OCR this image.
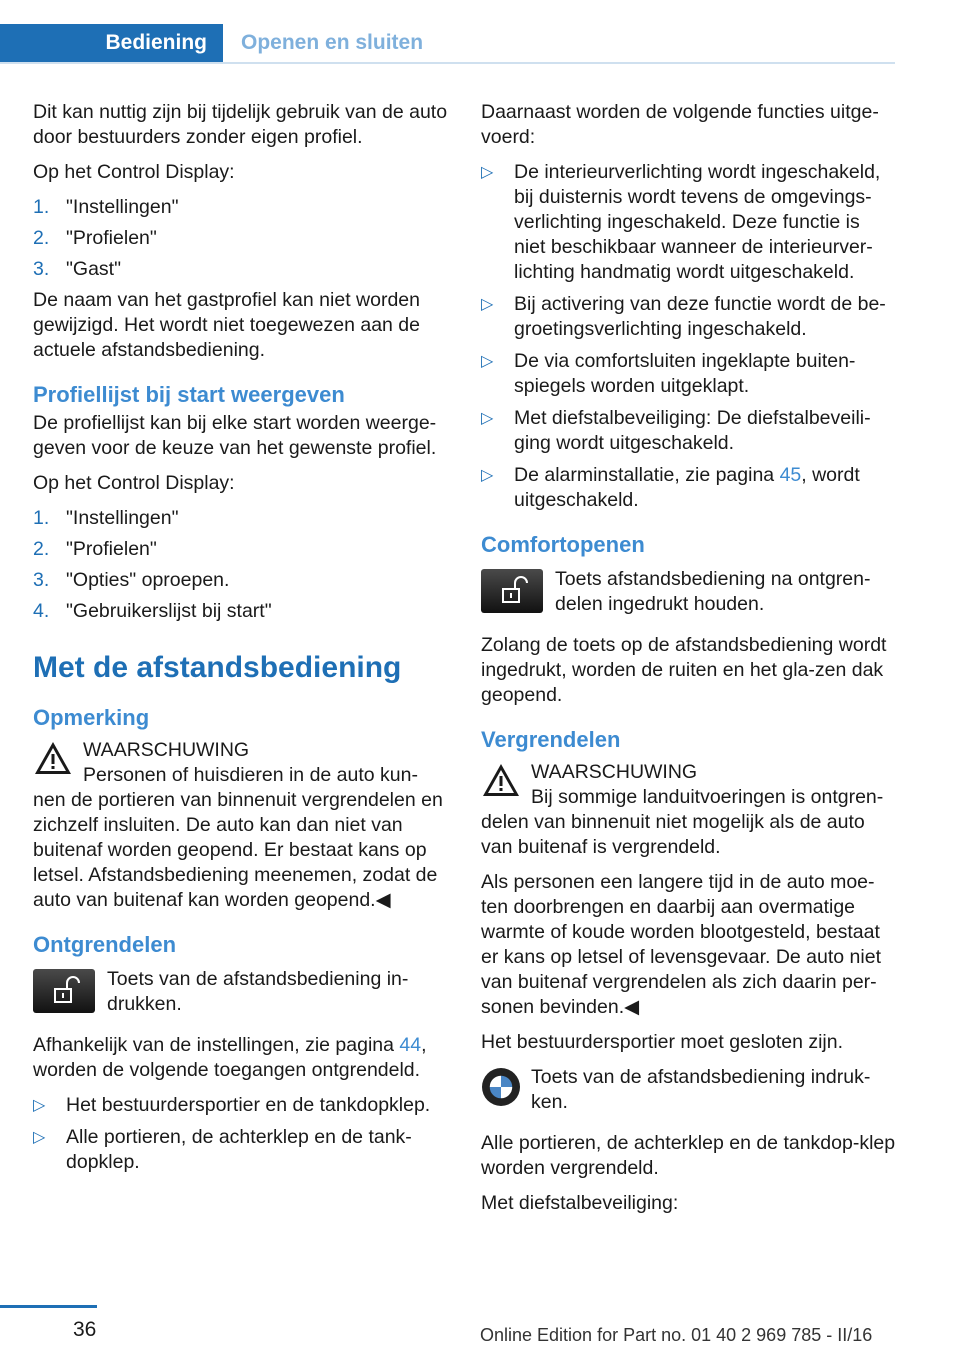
Bediening	Openen en sluiten

Dit kan nuttig zijn bij tijdelijk gebruik van de auto door bestuurders zonder eigen profiel.

Op het Control Display:

1. "Instellingen"
2. "Profielen"
3. "Gast"

De naam van het gastprofiel kan niet worden gewijzigd. Het wordt niet toegewezen aan de actuele afstandsbediening.

Profiellijst bij start weergeven

De profiellijst kan bij elke start worden weerge‐geven voor de keuze van het gewenste profiel.

Op het Control Display:

1. "Instellingen"
2. "Profielen"
3. "Opties" oproepen.
4. "Gebruikerslijst bij start"
Met de afstandsbediening
Opmerking
WAARSCHUWING

Personen of huisdieren in de auto kun‐nen de portieren van binnenuit vergrendelen en zichzelf insluiten. De auto kan dan niet van buitenaf worden geopend. Er bestaat kans op letsel. Afstandsbediening meenemen, zodat de auto van buitenaf kan worden geopend.◀

Ontgrendelen
Toets van de afstandsbediening in‐drukken.

Afhankelijk van de instellingen, zie pagina 44, worden de volgende toegangen ontgrendeld.

▷ Het bestuurdersportier en de tankdopklep.
▷ Alle portieren, de achterklep en de tank‐dopklep.

Daarnaast worden de volgende functies uitge‐voerd:

▷ De interieurverlichting wordt ingeschakeld, bij duisternis wordt tevens de omgevings‐verlichting ingeschakeld. Deze functie is niet beschikbaar wanneer de interieurver‐lichting handmatig wordt uitgeschakeld.
▷ Bij activering van deze functie wordt de be‐groetingsverlichting ingeschakeld.
▷ De via comfortsluiten ingeklapte buiten‐spiegels worden uitgeklapt.
▷ Met diefstalbeveiliging: De diefstalbeveili‐ging wordt uitgeschakeld.
▷ De alarminstallatie, zie pagina 45, wordt uitgeschakeld.
Comfortopenen
Toets afstandsbediening na ontgren‐delen ingedrukt houden.

Zolang de toets op de afstandsbediening wordt ingedrukt, worden de ruiten en het gla‐zen dak geopend.

Vergrendelen
WAARSCHUWING

Bij sommige landuitvoeringen is ontgren‐delen van binnenuit niet mogelijk als de auto van buitenaf is vergrendeld.

Als personen een langere tijd in de auto moe‐ten doorbrengen en daarbij aan overmatige warmte of koude worden blootgesteld, bestaat er kans op letsel of levensgevaar. De auto niet van buitenaf vergrendelen als zich daarin per‐sonen bevinden.◀

Het bestuurdersportier moet gesloten zijn.

Toets van de afstandsbediening indruk‐ken.

Alle portieren, de achterklep en de tankdop‐klep worden vergrendeld.

Met diefstalbeveiliging:

36	Online Edition for Part no. 01 40 2 969 785 - II/16
